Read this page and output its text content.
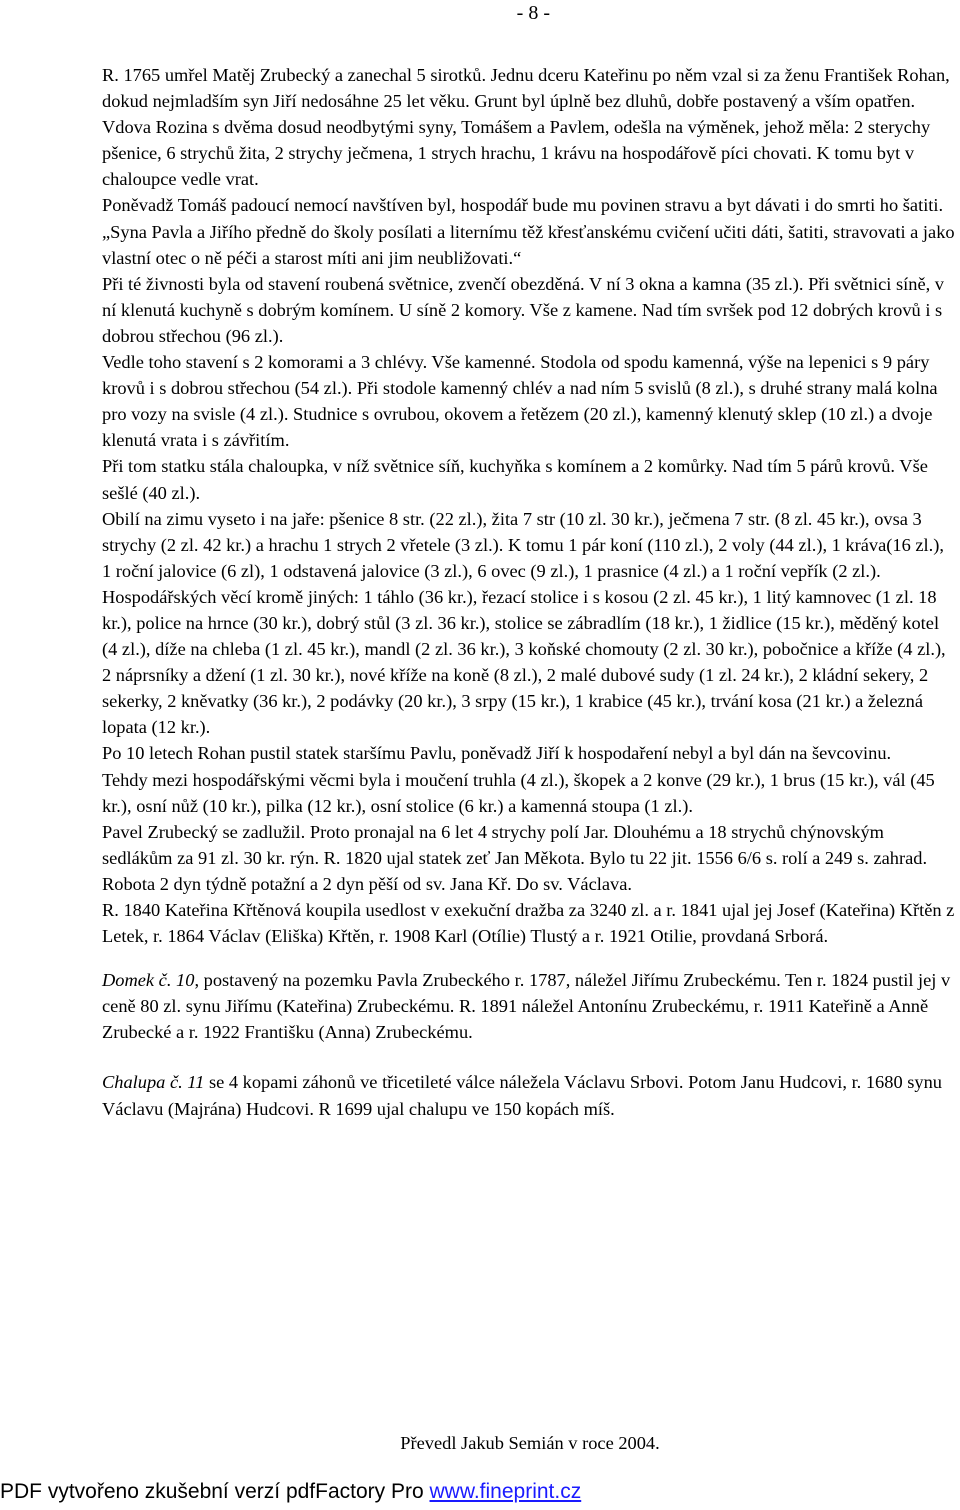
- 8 -

R. 1765 umřel Matěj Zrubecký a zanechal 5 sirotků. Jednu dceru Kateřinu po něm vzal si za ženu František Rohan, dokud nejmladším syn Jiří nedosáhne 25 let věku. Grunt byl úplně bez dluhů, dobře postavený a vším opatřen.

Vdova Rozina s dvěma dosud neodbytými syny, Tomášem a Pavlem, odešla na výměnek, jehož měla: 2 sterychy pšenice, 6 strychů žita, 2 strychy ječmena, 1 strych hrachu, 1 krávu na hospodářově píci chovati. K tomu byt v chaloupce vedle vrat.

Poněvadž Tomáš padoucí nemocí navštíven byl, hospodář bude mu povinen stravu a byt dávati i do smrti ho šatiti. „Syna Pavla a Jiřího předně do školy posílati a liternímu těž křesťanskému cvičení učiti dáti, šatiti, stravovati a jako vlastní otec o ně péči a starost míti ani jim neubližovati.“

Při té živnosti byla od stavení roubená světnice, zvenčí obezděná. V ní 3 okna a kamna (35 zl.). Při světnici síně, v ní klenutá kuchyně s dobrým komínem. U síně 2 komory. Vše z kamene. Nad tím svršek pod 12 dobrých krovů i s dobrou střechou (96 zl.).

Vedle toho stavení s 2 komorami a 3 chlévy. Vše kamenné. Stodola od spodu kamenná, výše na lepenici s 9 páry krovů i s dobrou střechou (54 zl.). Při stodole kamenný chlév a nad ním 5 svislů (8 zl.), s druhé strany malá kolna pro vozy na svisle (4 zl.). Studnice s ovrubou, okovem a řetězem (20 zl.), kamenný klenutý sklep (10 zl.) a dvoje klenutá vrata i s závřitím.

Při tom statku stála chaloupka, v níž světnice síň, kuchyňka s komínem a 2 komůrky. Nad tím 5 párů krovů. Vše sešlé (40 zl.).

Obilí na zimu vyseto i na jaře: pšenice 8 str. (22 zl.), žita 7 str (10 zl. 30 kr.), ječmena 7 str. (8 zl. 45 kr.), ovsa 3 strychy (2 zl. 42 kr.) a hrachu 1 strych 2 vřetele (3 zl.). K tomu 1 pár koní (110 zl.), 2 voly (44 zl.), 1 kráva(16 zl.), 1 roční jalovice (6 zl), 1 odstavená jalovice (3 zl.), 6 ovec (9 zl.), 1 prasnice (4 zl.) a 1 roční vepřík (2 zl.).

Hospodářských věcí kromě jiných: 1 táhlo (36 kr.), řezací stolice i s kosou (2 zl. 45 kr.), 1 litý kamnovec (1 zl. 18 kr.), police na hrnce (30 kr.), dobrý stůl (3 zl. 36 kr.), stolice se zábradlím (18 kr.), 1 židlice (15 kr.), měděný kotel (4 zl.), díže na chleba (1 zl. 45 kr.), mandl (2 zl. 36 kr.), 3 koňské chomouty (2 zl. 30 kr.), pobočnice a kříže (4 zl.), 2 náprsníky a džení (1 zl. 30 kr.), nové kříže na koně (8 zl.), 2 malé dubové sudy (1 zl. 24 kr.), 2 kládní sekery, 2 sekerky, 2 kněvatky (36 kr.), 2 podávky (20 kr.), 3 srpy (15 kr.), 1 krabice (45 kr.), trvání kosa (21 kr.) a železná lopata (12 kr.).

Po 10 letech Rohan pustil statek staršímu Pavlu, poněvadž Jiří k hospodaření nebyl a byl dán na ševcovinu.

Tehdy mezi hospodářskými věcmi byla i moučení truhla (4 zl.), škopek a 2 konve (29 kr.), 1 brus (15 kr.), vál (45 kr.), osní nůž (10 kr.), pilka (12 kr.), osní stolice (6 kr.) a kamenná stoupa (1 zl.).

Pavel Zrubecký se zadlužil. Proto pronajal na 6 let 4 strychy polí Jar. Dlouhému a 18 strychů chýnovským sedlákům za 91 zl. 30 kr. rýn. R. 1820 ujal statek zeť Jan Měkota. Bylo tu 22 jit. 1556 6/6 s. rolí a 249 s. zahrad. Robota 2 dyn týdně potažní a 2 dyn pěší od sv. Jana Kř. Do sv. Václava.

R. 1840 Kateřina Křtěnová koupila usedlost v exekuční dražba za 3240 zl. a r. 1841 ujal jej Josef (Kateřina) Křtěn z Letek, r. 1864 Václav (Eliška) Křtěn, r. 1908 Karl (Otílie) Tlustý a r. 1921 Otilie, provdaná Srborá.

Domek č. 10, postavený na pozemku Pavla Zrubeckého r. 1787, náležel Jiřímu Zrubeckému. Ten r. 1824 pustil jej v ceně 80 zl. synu Jiřímu (Kateřina) Zrubeckému. R. 1891 náležel Antonínu Zrubeckému, r. 1911 Kateřině a Anně Zrubecké a r. 1922 Františku (Anna) Zrubeckému.

Chalupa č. 11 se 4 kopami záhonů ve třicetileté válce náležela Václavu Srbovi. Potom Janu Hudcovi, r. 1680 synu Václavu (Majrána) Hudcovi. R 1699 ujal chalupu ve 150 kopách míš.

Převedl Jakub Semián v roce 2004.
PDF vytvořeno zkušební verzí pdfFactory Pro www.fineprint.cz
